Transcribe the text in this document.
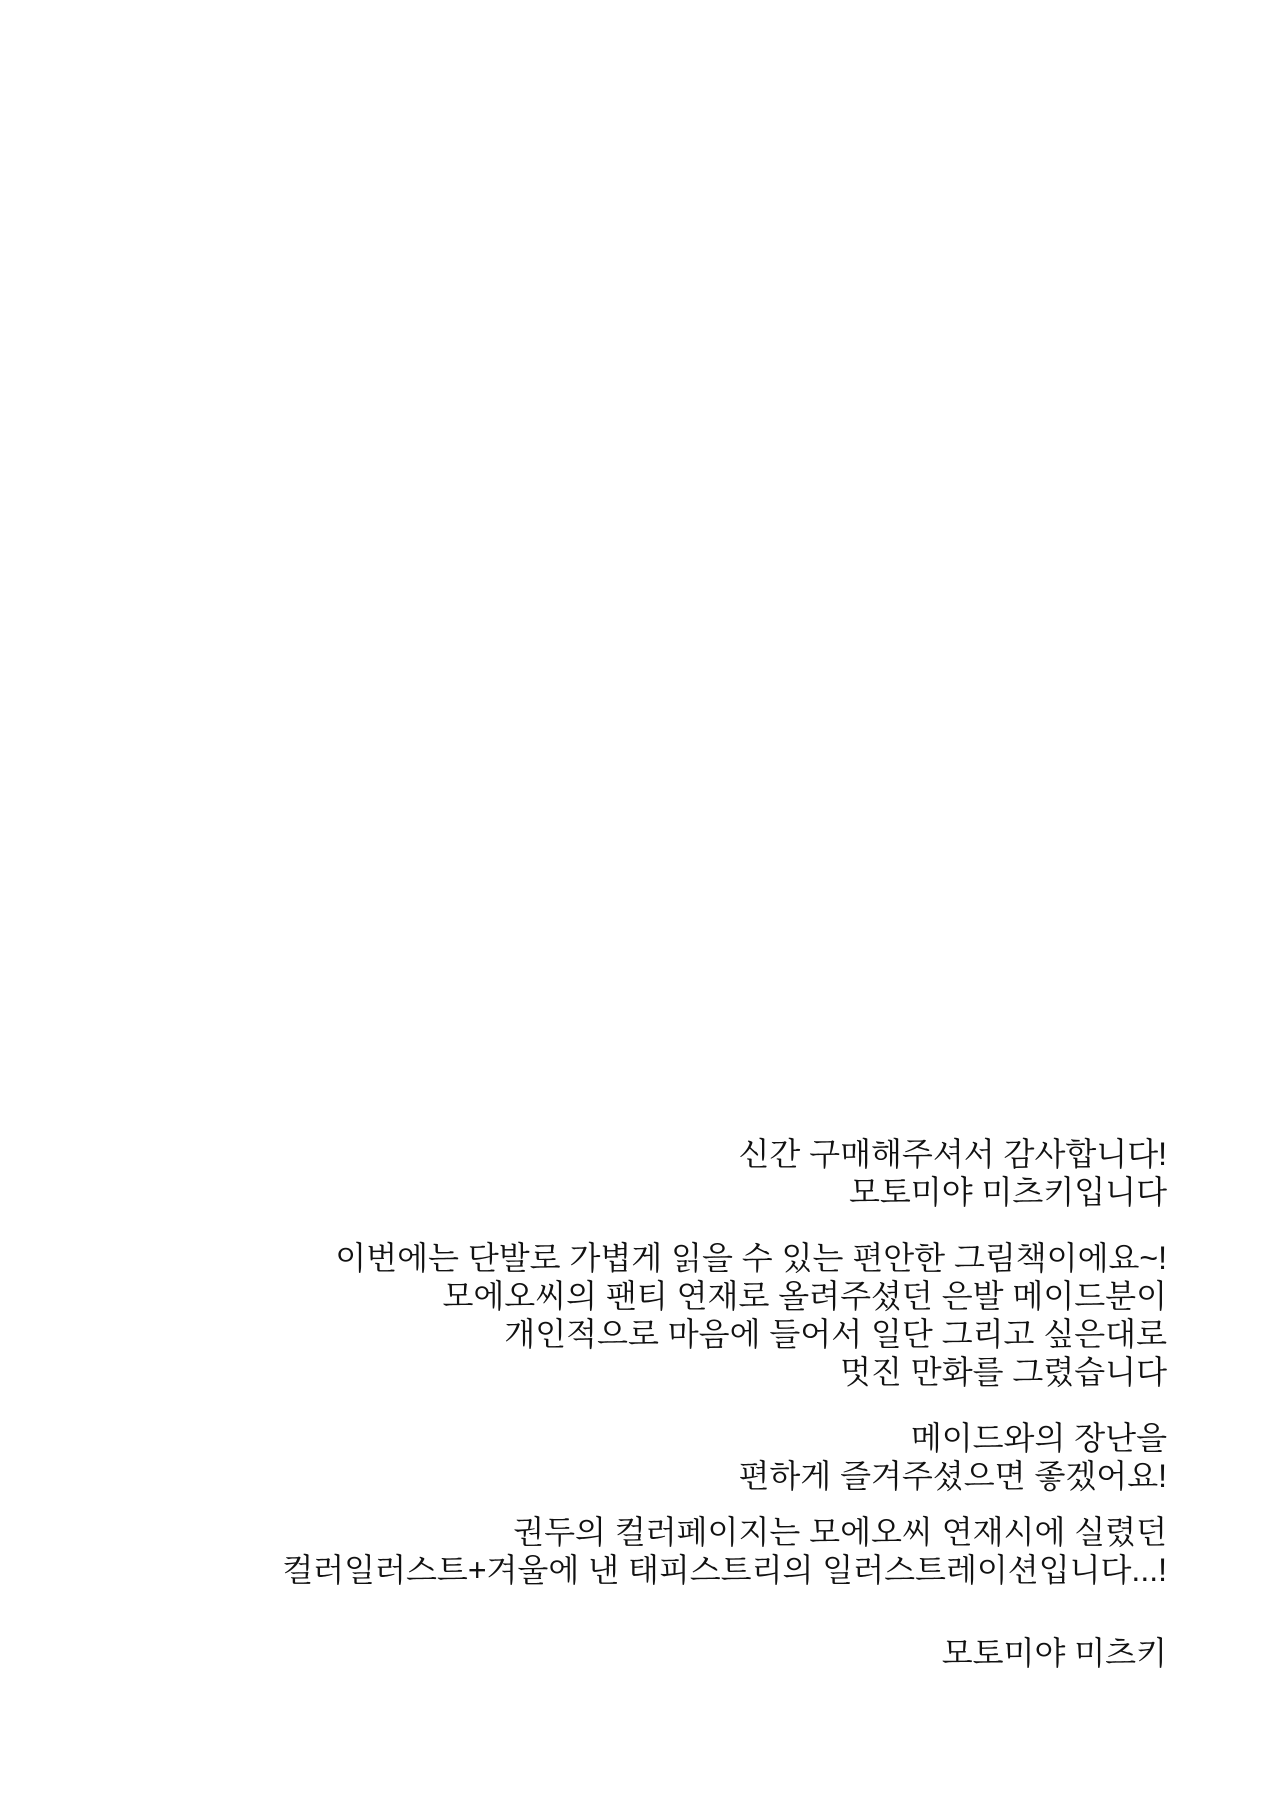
신간 구매해주셔서 감사합니다!
모토미야 미츠키입니다

이번에는 단발로 가볍게 읽을 수 있는 편안한 그림책이에요~!
모에오씨의 팬티 연재로 올려주셨던 은발 메이드분이
개인적으로 마음에 들어서 일단 그리고 싶은대로
멋진 만화를 그렸습니다

메이드와의 장난을
편하게 즐겨주셨으면 좋겠어요!

권두의 컬러페이지는 모에오씨 연재시에 실렸던
컬러일러스트+겨울에 낸 태피스트리의 일러스트레이션입니다...!

모토미야 미츠키
